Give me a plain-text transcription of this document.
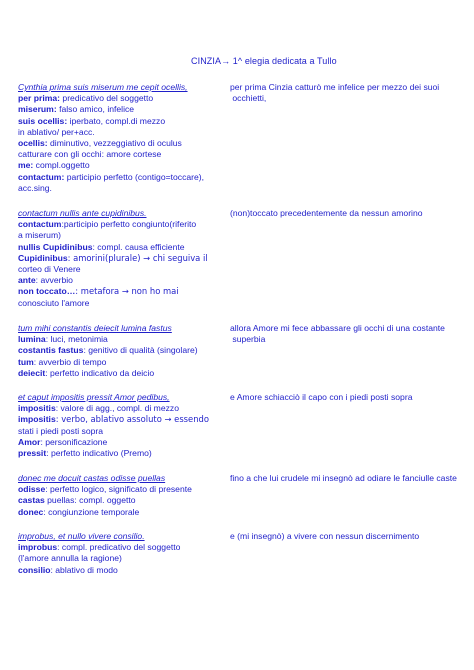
CINZIA→ 1^ elegia dedicata a Tullo
Cynthia prima suis miserum me cepit ocellis,
per prima: predicativo del soggetto
miserum: falso amico, infelice
suis ocellis: iperbato, compl.di mezzo
in ablativo/ per+acc.
ocellis: diminutivo, vezzeggiativo di oculus
catturare con gli occhi: amore cortese
me: compl.oggetto
contactum: participio perfetto (contigo=toccare),
acc.sing.
per prima Cinzia catturò me infelice per mezzo dei suoi
occhietti,
contactum nullis ante cupidinibus.
contactum:participio perfetto congiunto(riferito
a miserum)
nullis Cupidinibus: compl. causa efficiente
Cupidinibus: amorini(plurale) → chi seguiva il
corteo di Venere
ante: avverbio
non toccato…: metafora → non ho mai
conosciuto l'amore
(non)toccato precedentemente da nessun amorino
tum mihi constantis deiecit lumina fastus
lumina: luci, metonimia
costantis fastus: genitivo di qualità (singolare)
tum: avverbio di tempo
deiecit: perfetto indicativo da deicio
allora Amore mi fece abbassare gli occhi di una costante
superbia
et caput impositis pressit Amor pedibus,
impositis: valore di agg., compl. di mezzo
impositis: verbo, ablativo assoluto → essendo
stati i piedi posti sopra
Amor: personificazione
pressit: perfetto indicativo (Premo)
e Amore schiacciò il capo con i piedi posti sopra
donec me docuit castas odisse puellas
odisse: perfetto logico, significato di presente
castas puellas: compl. oggetto
donec: congiunzione temporale
fino a che lui crudele mi insegnò ad odiare le fanciulle caste
improbus, et nullo vivere consilio.
improbus: compl. predicativo del soggetto
(l'amore annulla la ragione)
consilio: ablativo di modo
e (mi insegnò) a vivere con nessun discernimento
